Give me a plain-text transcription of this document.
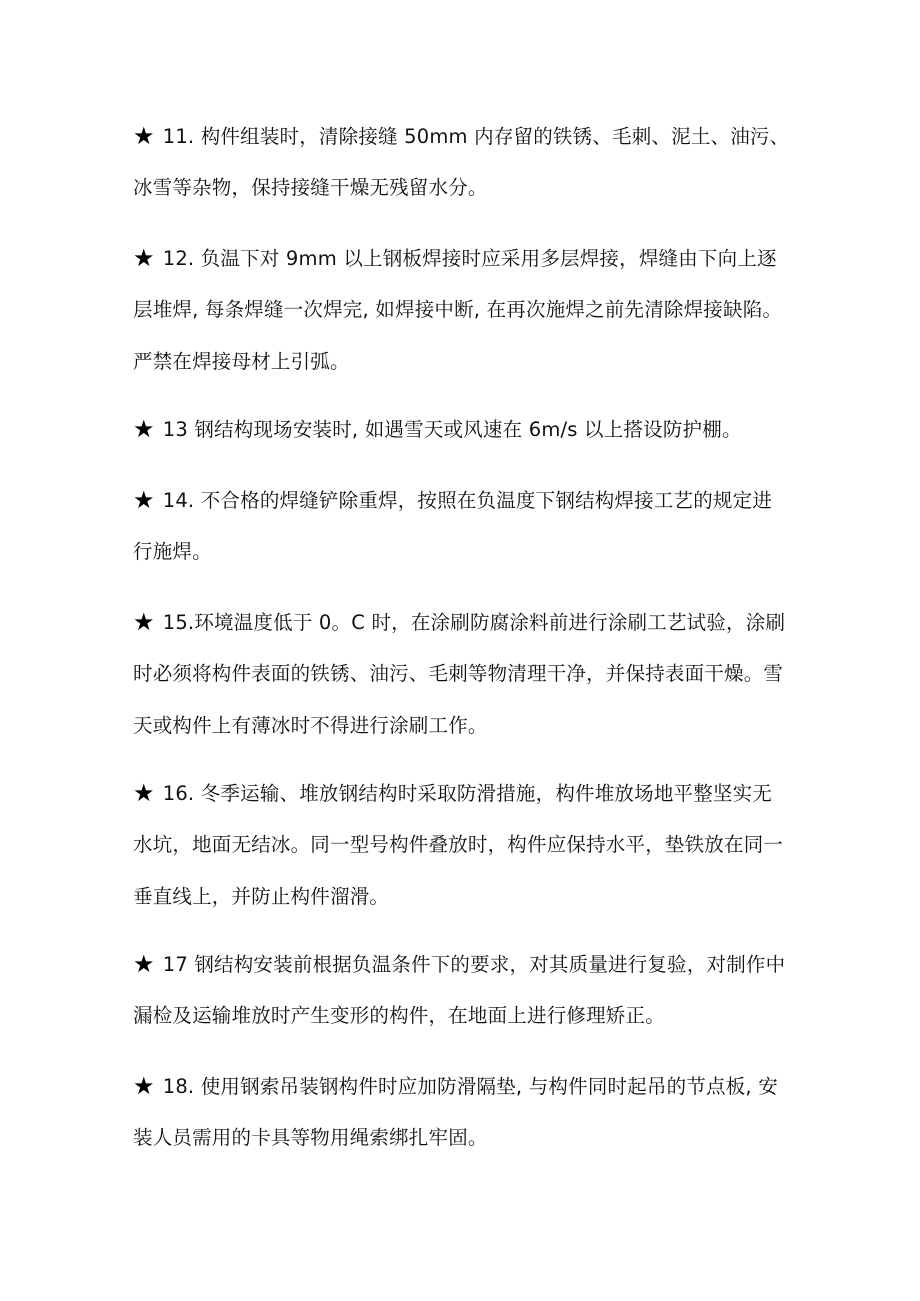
★ 11. 构件组装时，清除接缝 50mm 内存留的铁锈、毛刺、泥土、油污、
冰雪等杂物，保持接缝干燥无残留水分。
★ 12. 负温下对 9mm 以上钢板焊接时应采用多层焊接，焊缝由下向上逐
层堆焊, 每条焊缝一次焊完, 如焊接中断, 在再次施焊之前先清除焊接缺陷。
严禁在焊接母材上引弧。
★ 13 钢结构现场安装时, 如遇雪天或风速在 6m/s 以上搭设防护棚。
★ 14. 不合格的焊缝铲除重焊，按照在负温度下钢结构焊接工艺的规定进
行施焊。
★ 15.环境温度低于 0。C 时，在涂刷防腐涂料前进行涂刷工艺试验，涂刷
时必须将构件表面的铁锈、油污、毛刺等物清理干净，并保持表面干燥。雪
天或构件上有薄冰时不得进行涂刷工作。
★ 16. 冬季运输、堆放钢结构时采取防滑措施，构件堆放场地平整坚实无
水坑，地面无结冰。同一型号构件叠放时，构件应保持水平，垫铁放在同一
垂直线上，并防止构件溜滑。
★ 17 钢结构安装前根据负温条件下的要求，对其质量进行复验，对制作中
漏检及运输堆放时产生变形的构件，在地面上进行修理矫正。
★ 18. 使用钢索吊装钢构件时应加防滑隔垫, 与构件同时起吊的节点板, 安
装人员需用的卡具等物用绳索绑扎牢固。
